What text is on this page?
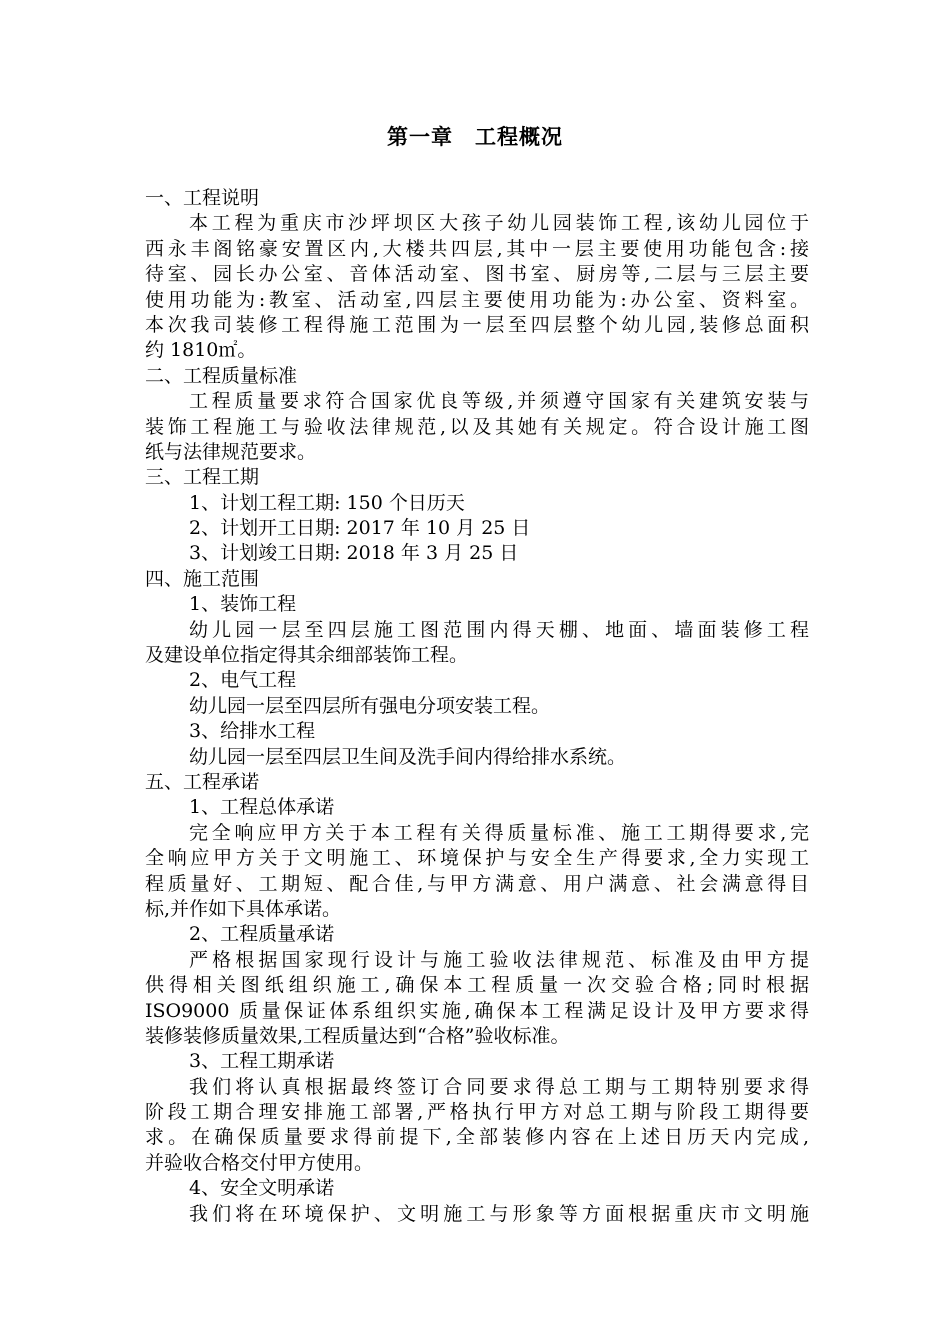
第一章　工程概况
一、工程说明
本工程为重庆市沙坪坝区大孩子幼儿园装饰工程,该幼儿园位于
西永丰阁铭豪安置区内,大楼共四层,其中一层主要使用功能包含:接
待室、园长办公室、音体活动室、图书室、厨房等,二层与三层主要
使用功能为:教室、活动室,四层主要使用功能为:办公室、资料室。
本次我司装修工程得施工范围为一层至四层整个幼儿园,装修总面积
约 1810㎡。
二、工程质量标准
工程质量要求符合国家优良等级,并须遵守国家有关建筑安装与
装饰工程施工与验收法律规范,以及其她有关规定。符合设计施工图
纸与法律规范要求。
三、工程工期
1、计划工程工期: 150 个日历天
2、计划开工日期: 2017 年 10 月 25 日
3、计划竣工日期: 2018 年 3 月 25 日
四、施工范围
1、装饰工程
幼儿园一层至四层施工图范围内得天棚、地面、墙面装修工程
及建设单位指定得其余细部装饰工程。
2、电气工程
幼儿园一层至四层所有强电分项安装工程。
3、给排水工程
幼儿园一层至四层卫生间及洗手间内得给排水系统。
五、工程承诺
1、工程总体承诺
完全响应甲方关于本工程有关得质量标准、施工工期得要求,完
全响应甲方关于文明施工、环境保护与安全生产得要求,全力实现工
程质量好、工期短、配合佳,与甲方满意、用户满意、社会满意得目
标,并作如下具体承诺。
2、工程质量承诺
严格根据国家现行设计与施工验收法律规范、标准及由甲方提
供得相关图纸组织施工,确保本工程质量一次交验合格;同时根据
ISO9000 质量保证体系组织实施,确保本工程满足设计及甲方要求得
装修装修质量效果,工程质量达到“合格”验收标准。
3、工程工期承诺
我们将认真根据最终签订合同要求得总工期与工期特别要求得
阶段工期合理安排施工部署,严格执行甲方对总工期与阶段工期得要
求。在确保质量要求得前提下,全部装修内容在上述日历天内完成,
并验收合格交付甲方使用。
4、安全文明承诺
我们将在环境保护、文明施工与形象等方面根据重庆市文明施
